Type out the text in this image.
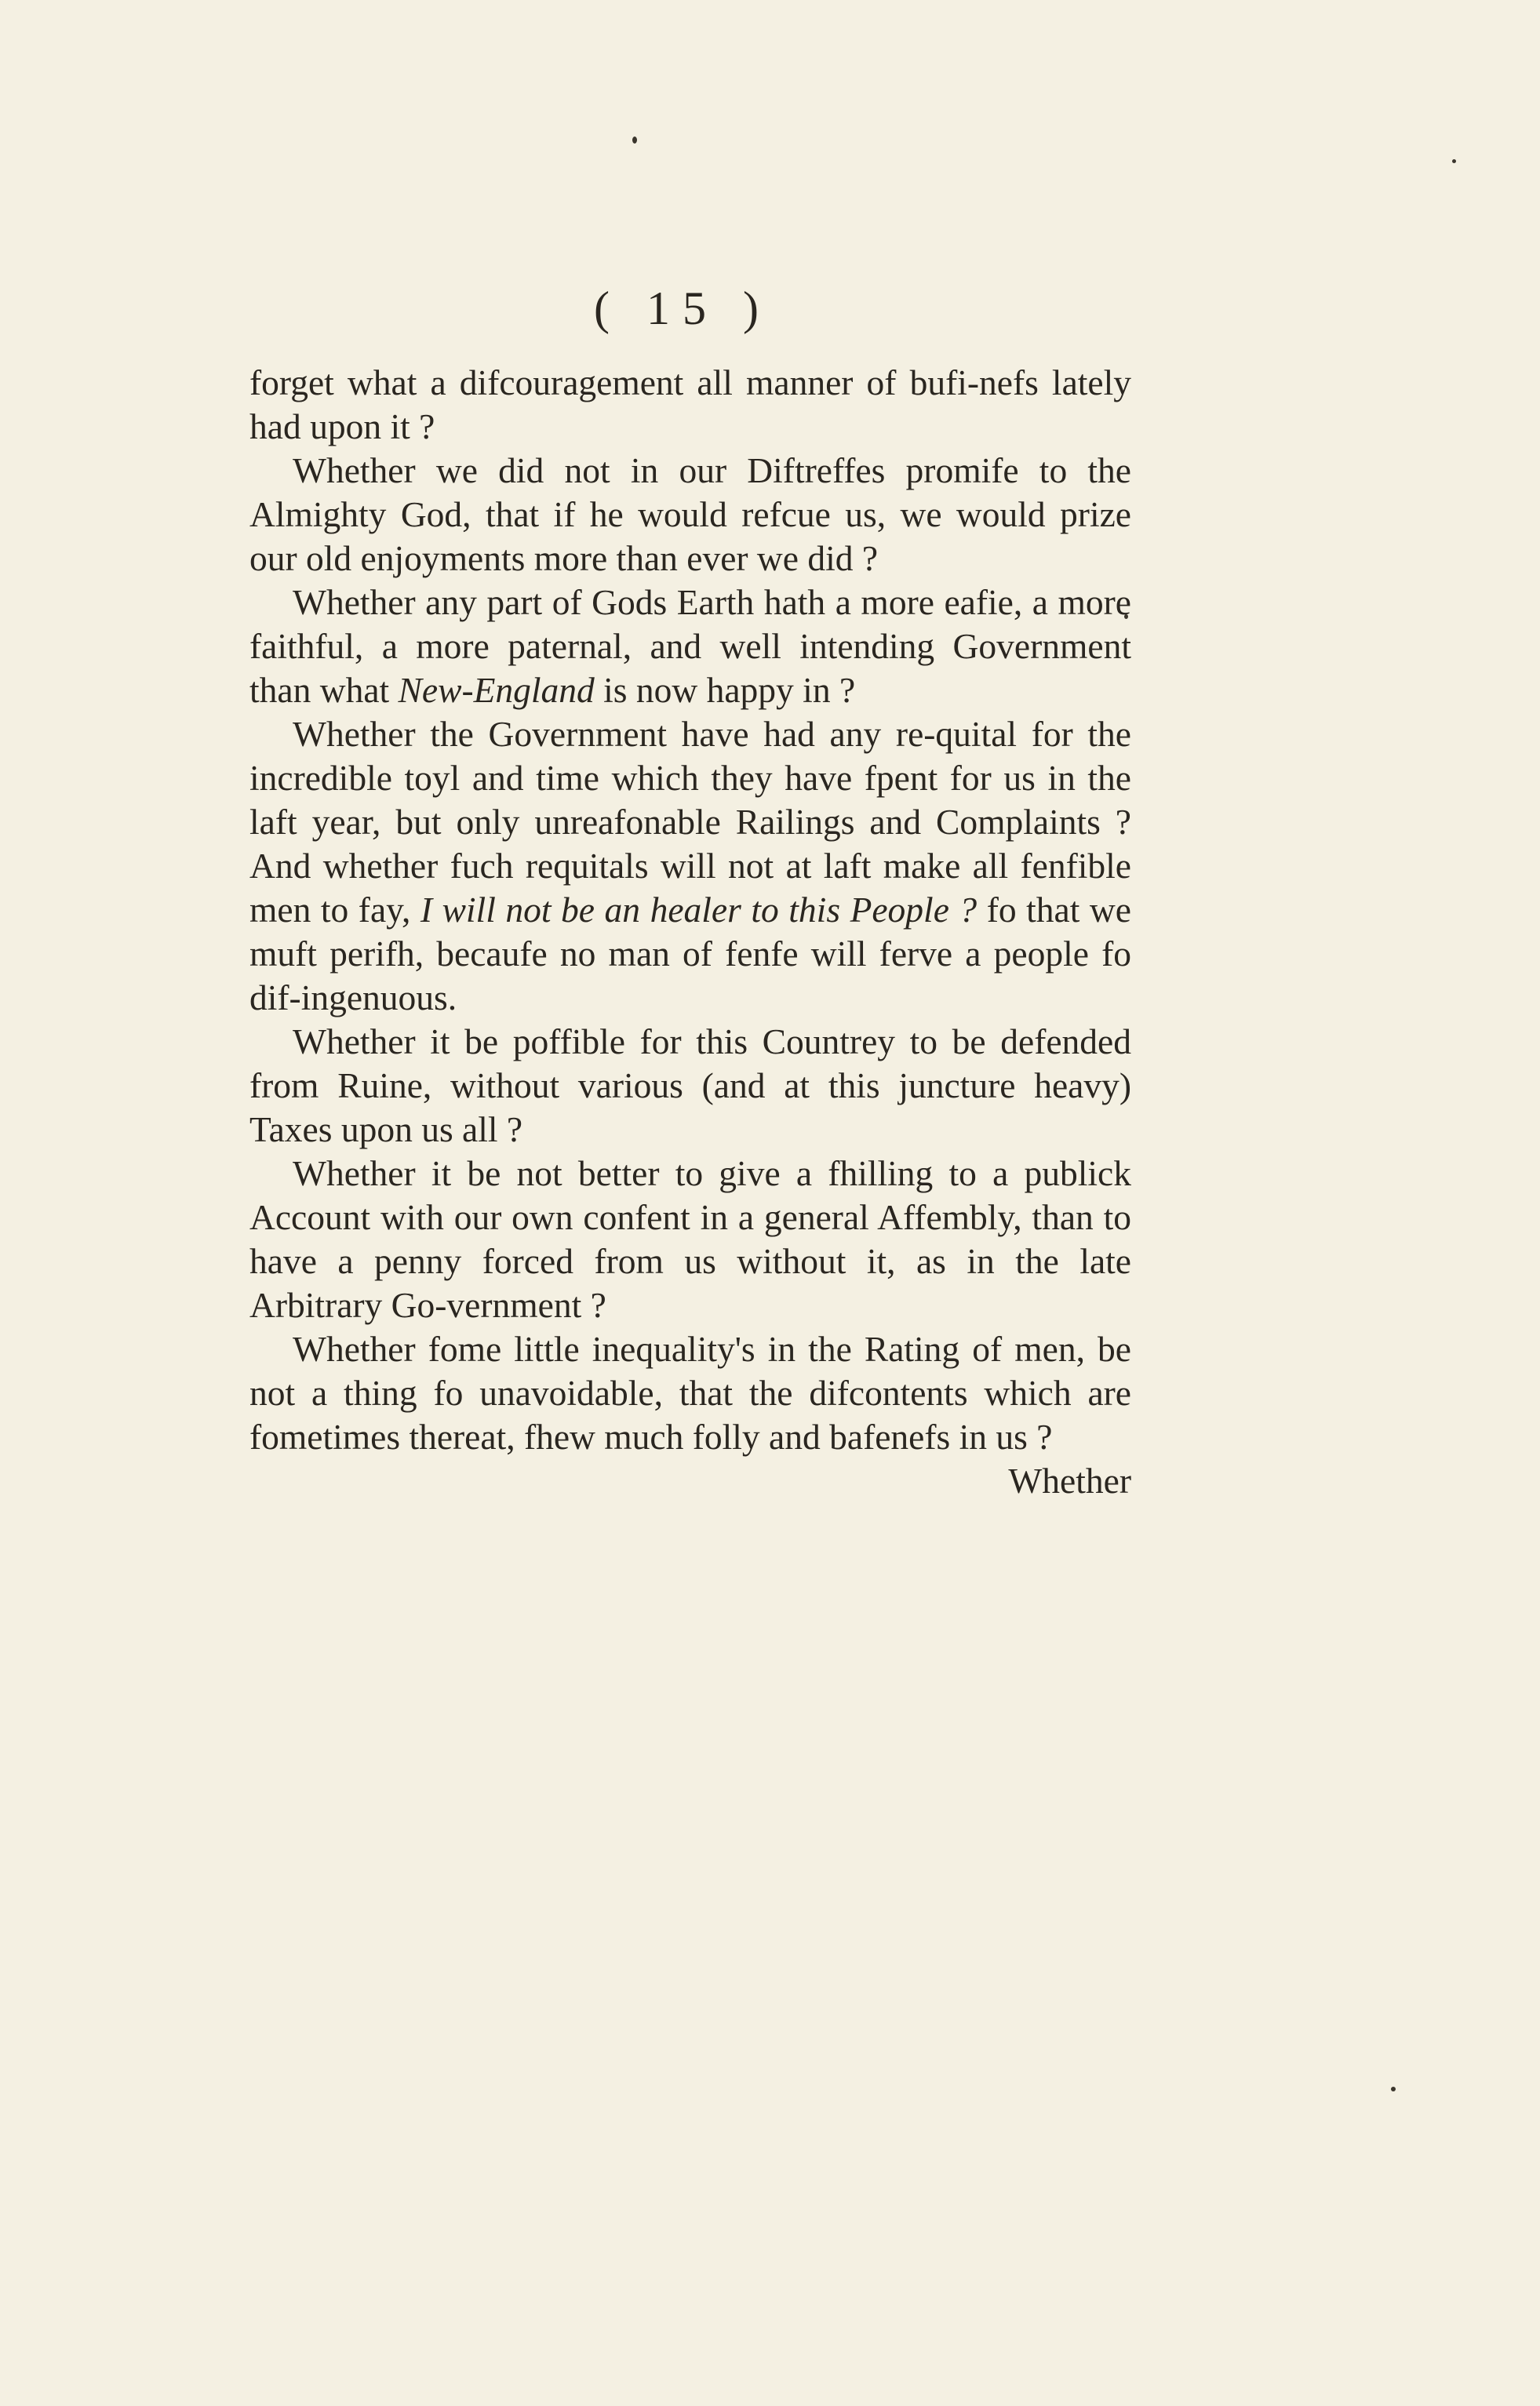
( 15 )

forget what a difcouragement all manner of bufi-nefs lately had upon it ?

Whether we did not in our Diftreffes promife to the Almighty God, that if he would refcue us, we would prize our old enjoyments more than ever we did ?

Whether any part of Gods Earth hath a more eafie, a more faithful, a more paternal, and well intending Government than what New-England is now happy in ?

Whether the Government have had any re-quital for the incredible toyl and time which they have fpent for us in the laft year, but only unreafonable Railings and Complaints ? And whether fuch requitals will not at laft make all fenfible men to fay, I will not be an healer to this People ? fo that we muft perifh, becaufe no man of fenfe will ferve a people fo dif-ingenuous.

Whether it be poffible for this Countrey to be defended from Ruine, without various (and at this juncture heavy) Taxes upon us all ?

Whether it be not better to give a fhilling to a publick Account with our own confent in a general Affembly, than to have a penny forced from us without it, as in the late Arbitrary Go-vernment ?

Whether fome little inequality's in the Rating of men, be not a thing fo unavoidable, that the difcontents which are fometimes thereat, fhew much folly and bafenefs in us ?

Whether
